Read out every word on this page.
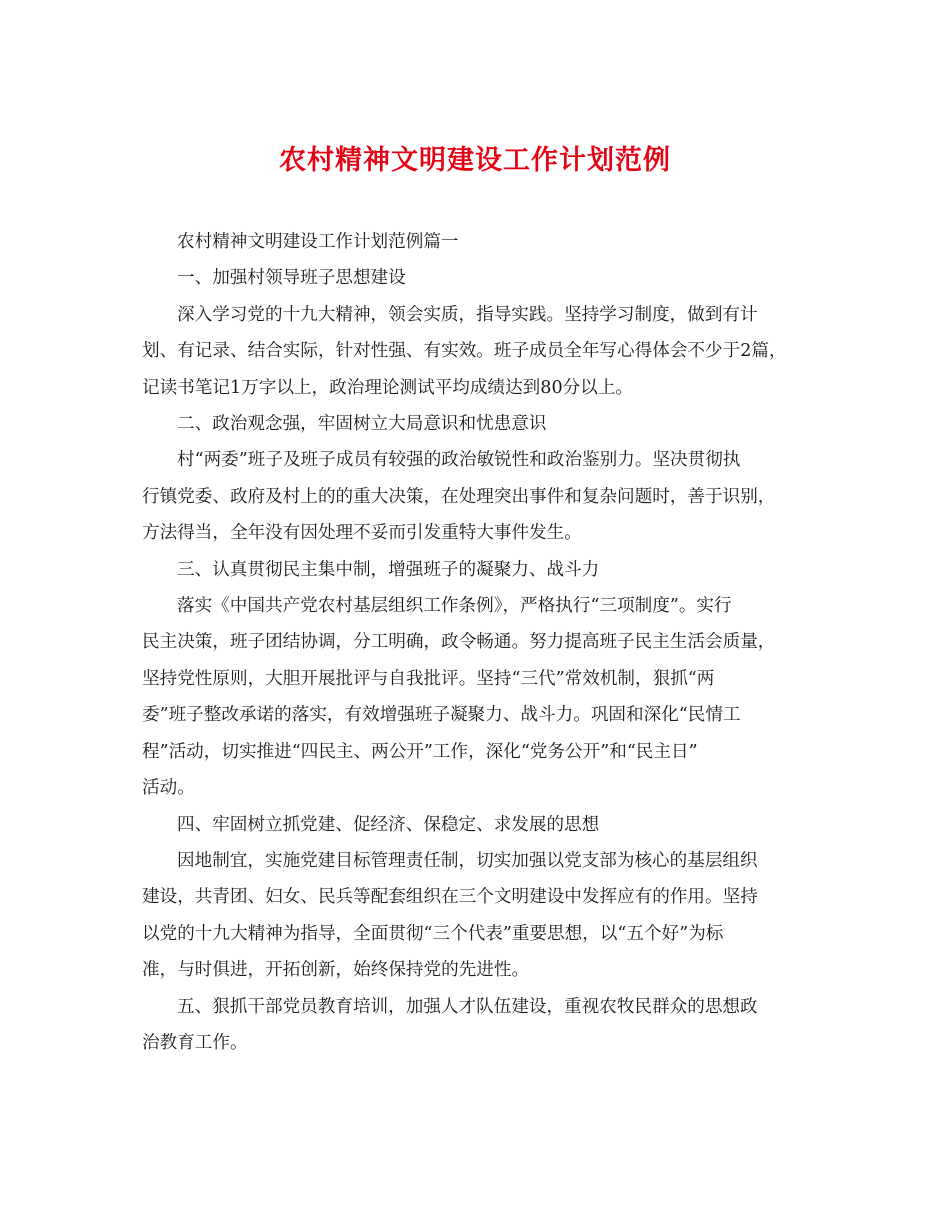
农村精神文明建设工作计划范例
农村精神文明建设工作计划范例篇一
一、加强村领导班子思想建设
深入学习党的十九大精神，领会实质，指导实践。坚持学习制度，做到有计
划、有记录、结合实际，针对性强、有实效。班子成员全年写心得体会不少于2篇，
记读书笔记1万字以上，政治理论测试平均成绩达到80分以上。
二、政治观念强，牢固树立大局意识和忧患意识
村“两委”班子及班子成员有较强的政治敏锐性和政治鉴别力。坚决贯彻执
行镇党委、政府及村上的的重大决策，在处理突出事件和复杂问题时，善于识别，
方法得当，全年没有因处理不妥而引发重特大事件发生。
三、认真贯彻民主集中制，增强班子的凝聚力、战斗力
落实《中国共产党农村基层组织工作条例》，严格执行“三项制度”。实行
民主决策，班子团结协调，分工明确，政令畅通。努力提高班子民主生活会质量，
坚持党性原则，大胆开展批评与自我批评。坚持“三代”常效机制，狠抓“两
委”班子整改承诺的落实，有效增强班子凝聚力、战斗力。巩固和深化“民情工
程”活动，切实推进“四民主、两公开”工作，深化“党务公开”和“民主日”
活动。
四、牢固树立抓党建、促经济、保稳定、求发展的思想
因地制宜，实施党建目标管理责任制，切实加强以党支部为核心的基层组织
建设，共青团、妇女、民兵等配套组织在三个文明建设中发挥应有的作用。坚持
以党的十九大精神为指导，全面贯彻“三个代表”重要思想，以“五个好”为标
准，与时俱进，开拓创新，始终保持党的先进性。
五、狠抓干部党员教育培训，加强人才队伍建设，重视农牧民群众的思想政
治教育工作。
